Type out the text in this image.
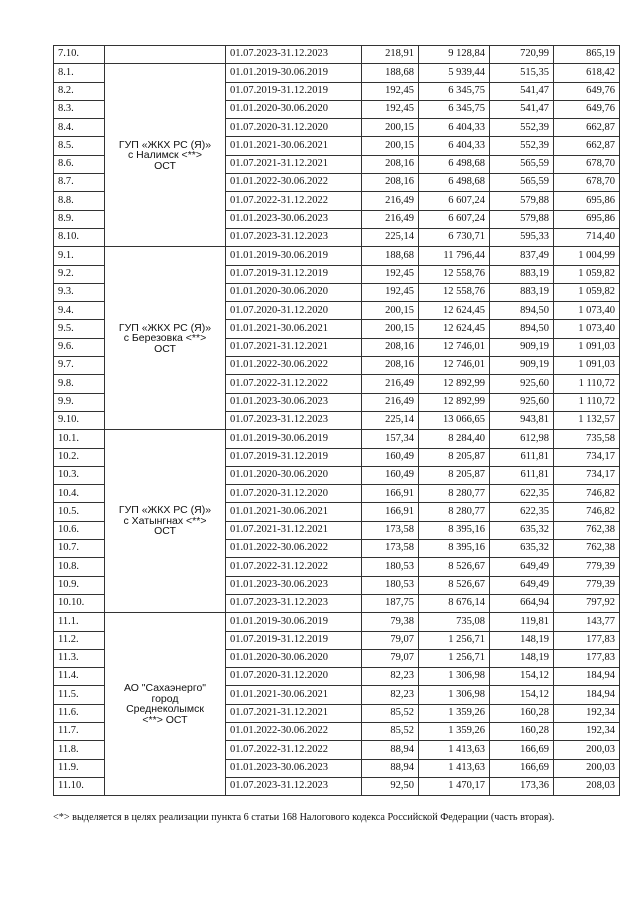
7.10.		01.07.2023-31.12.2023	218,91	9 128,84	720,99	865,19
8.1.	ГУП «ЖКХ РС (Я)»
с Налимск <**>
ОСТ	01.01.2019-30.06.2019	188,68	5 939,44	515,35	618,42
8.2.		01.07.2019-31.12.2019	192,45	6 345,75	541,47	649,76
8.3.		01.01.2020-30.06.2020	192,45	6 345,75	541,47	649,76
8.4.		01.07.2020-31.12.2020	200,15	6 404,33	552,39	662,87
8.5.		01.01.2021-30.06.2021	200,15	6 404,33	552,39	662,87
8.6.		01.07.2021-31.12.2021	208,16	6 498,68	565,59	678,70
8.7.		01.01.2022-30.06.2022	208,16	6 498,68	565,59	678,70
8.8.		01.07.2022-31.12.2022	216,49	6 607,24	579,88	695,86
8.9.		01.01.2023-30.06.2023	216,49	6 607,24	579,88	695,86
8.10.		01.07.2023-31.12.2023	225,14	6 730,71	595,33	714,40
9.1.	ГУП «ЖКХ РС (Я)»
с Березовка <**>
ОСТ	01.01.2019-30.06.2019	188,68	11 796,44	837,49	1 004,99
9.2.		01.07.2019-31.12.2019	192,45	12 558,76	883,19	1 059,82
9.3.		01.01.2020-30.06.2020	192,45	12 558,76	883,19	1 059,82
9.4.		01.07.2020-31.12.2020	200,15	12 624,45	894,50	1 073,40
9.5.		01.01.2021-30.06.2021	200,15	12 624,45	894,50	1 073,40
9.6.		01.07.2021-31.12.2021	208,16	12 746,01	909,19	1 091,03
9.7.		01.01.2022-30.06.2022	208,16	12 746,01	909,19	1 091,03
9.8.		01.07.2022-31.12.2022	216,49	12 892,99	925,60	1 110,72
9.9.		01.01.2023-30.06.2023	216,49	12 892,99	925,60	1 110,72
9.10.		01.07.2023-31.12.2023	225,14	13 066,65	943,81	1 132,57
10.1.	ГУП «ЖКХ РС (Я)»
с Хатынгнах <**>
ОСТ	01.01.2019-30.06.2019	157,34	8 284,40	612,98	735,58
10.2.		01.07.2019-31.12.2019	160,49	8 205,87	611,81	734,17
10.3.		01.01.2020-30.06.2020	160,49	8 205,87	611,81	734,17
10.4.		01.07.2020-31.12.2020	166,91	8 280,77	622,35	746,82
10.5.		01.01.2021-30.06.2021	166,91	8 280,77	622,35	746,82
10.6.		01.07.2021-31.12.2021	173,58	8 395,16	635,32	762,38
10.7.		01.01.2022-30.06.2022	173,58	8 395,16	635,32	762,38
10.8.		01.07.2022-31.12.2022	180,53	8 526,67	649,49	779,39
10.9.		01.01.2023-30.06.2023	180,53	8 526,67	649,49	779,39
10.10.		01.07.2023-31.12.2023	187,75	8 676,14	664,94	797,92
11.1.	АО "Сахаэнерго"
город
Среднеколымск
<**> ОСТ	01.01.2019-30.06.2019	79,38	735,08	119,81	143,77
11.2.		01.07.2019-31.12.2019	79,07	1 256,71	148,19	177,83
11.3.		01.01.2020-30.06.2020	79,07	1 256,71	148,19	177,83
11.4.		01.07.2020-31.12.2020	82,23	1 306,98	154,12	184,94
11.5.		01.01.2021-30.06.2021	82,23	1 306,98	154,12	184,94
11.6.		01.07.2021-31.12.2021	85,52	1 359,26	160,28	192,34
11.7.		01.01.2022-30.06.2022	85,52	1 359,26	160,28	192,34
11.8.		01.07.2022-31.12.2022	88,94	1 413,63	166,69	200,03
11.9.		01.01.2023-30.06.2023	88,94	1 413,63	166,69	200,03
11.10.		01.07.2023-31.12.2023	92,50	1 470,17	173,36	208,03
<*> выделяется в целях реализации пункта 6 статьи 168 Налогового кодекса Российской Федерации (часть вторая).
